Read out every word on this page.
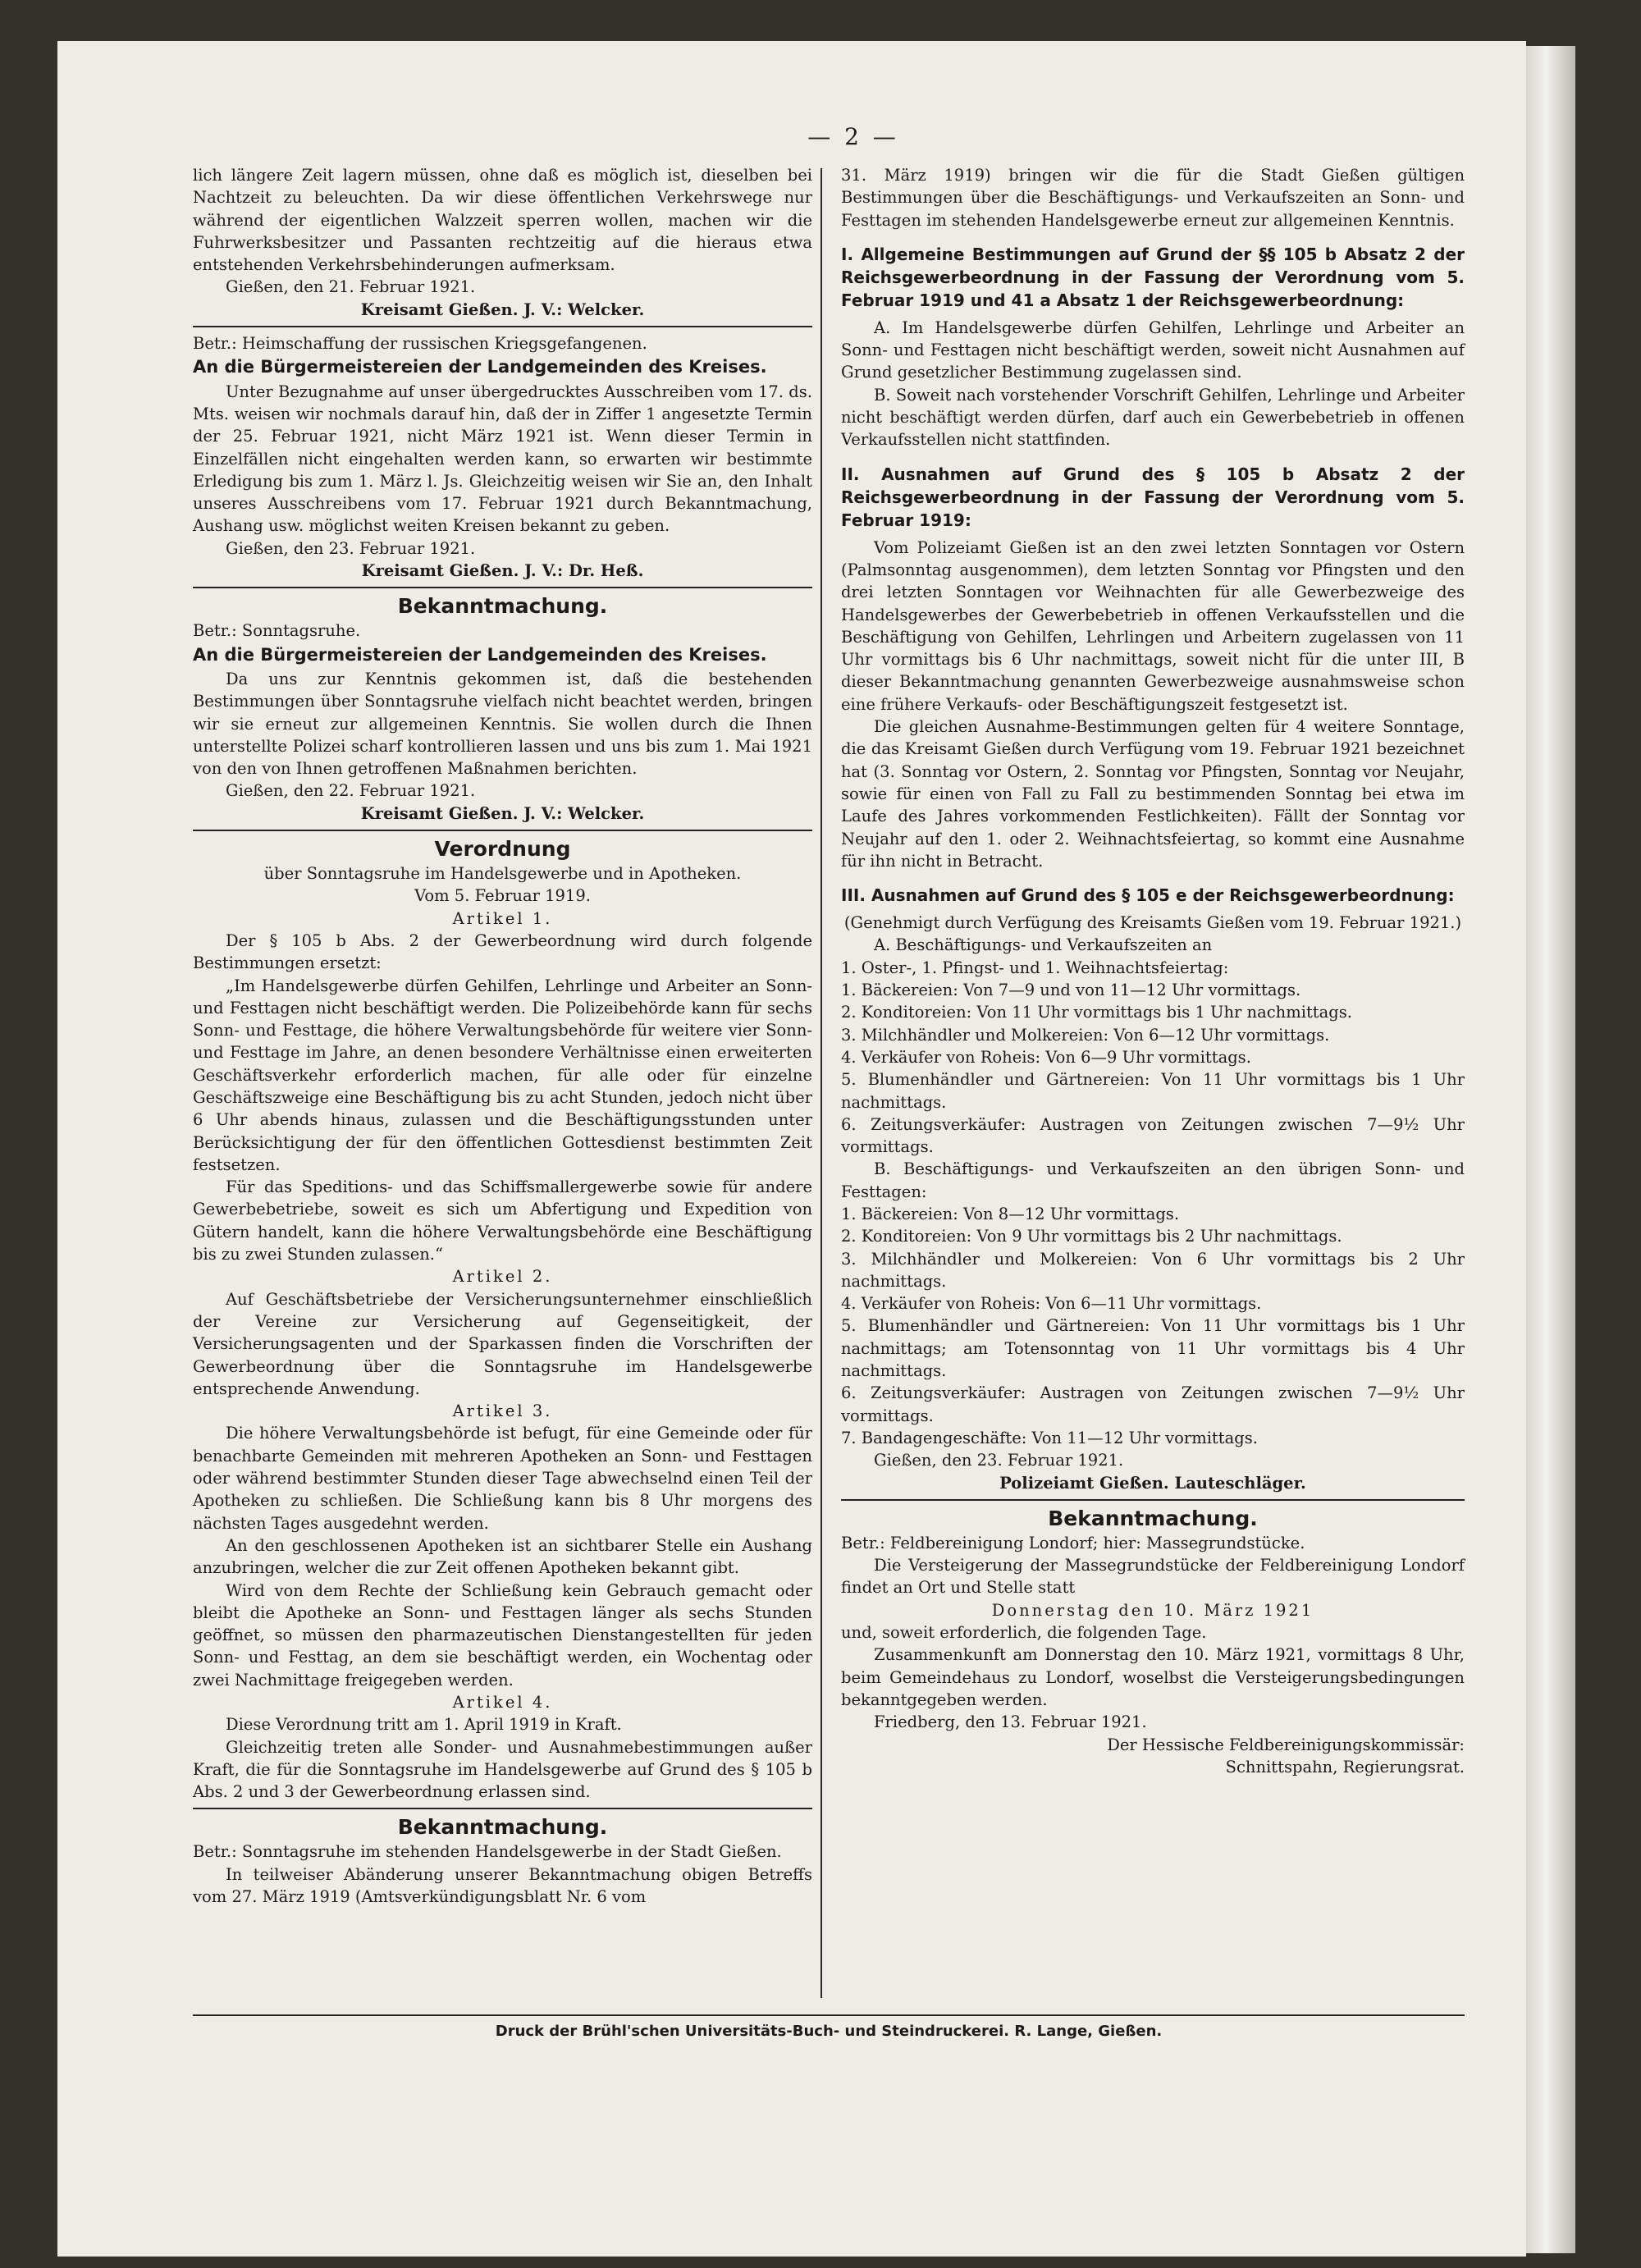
— 2 —

lich längere Zeit lagern müssen, ohne daß es möglich ist, dieselben bei Nachtzeit zu beleuchten. Da wir diese öffentlichen Verkehrswege nur während der eigentlichen Walzzeit sperren wollen, machen wir die Fuhrwerksbesitzer und Passanten rechtzeitig auf die hieraus etwa entstehenden Verkehrsbehinderungen aufmerksam.

Gießen, den 21. Februar 1921.

Kreisamt Gießen. J. V.: Welcker.

Betr.: Heimschaffung der russischen Kriegsgefangenen.

An die Bürgermeistereien der Landgemeinden des Kreises.

Unter Bezugnahme auf unser übergedrucktes Ausschreiben vom 17. ds. Mts. weisen wir nochmals darauf hin, daß der in Ziffer 1 angesetzte Termin der 25. Februar 1921, nicht März 1921 ist. Wenn dieser Termin in Einzelfällen nicht eingehalten werden kann, so erwarten wir bestimmte Erledigung bis zum 1. März l. Js. Gleichzeitig weisen wir Sie an, den Inhalt unseres Ausschreibens vom 17. Februar 1921 durch Bekanntmachung, Aushang usw. möglichst weiten Kreisen bekannt zu geben.

Gießen, den 23. Februar 1921.

Kreisamt Gießen. J. V.: Dr. Heß.

Bekanntmachung.

Betr.: Sonntagsruhe.

An die Bürgermeistereien der Landgemeinden des Kreises.

Da uns zur Kenntnis gekommen ist, daß die bestehenden Bestimmungen über Sonntagsruhe vielfach nicht beachtet werden, bringen wir sie erneut zur allgemeinen Kenntnis. Sie wollen durch die Ihnen unterstellte Polizei scharf kontrollieren lassen und uns bis zum 1. Mai 1921 von den von Ihnen getroffenen Maßnahmen berichten.

Gießen, den 22. Februar 1921.

Kreisamt Gießen. J. V.: Welcker.

Verordnung

über Sonntagsruhe im Handelsgewerbe und in Apotheken.

Vom 5. Februar 1919.

Artikel 1.

Der § 105 b Abs. 2 der Gewerbeordnung wird durch folgende Bestimmungen ersetzt:

„Im Handelsgewerbe dürfen Gehilfen, Lehrlinge und Arbeiter an Sonn- und Festtagen nicht beschäftigt werden. Die Polizeibehörde kann für sechs Sonn- und Festtage, die höhere Verwaltungsbehörde für weitere vier Sonn- und Festtage im Jahre, an denen besondere Verhältnisse einen erweiterten Geschäftsverkehr erforderlich machen, für alle oder für einzelne Geschäftszweige eine Beschäftigung bis zu acht Stunden, jedoch nicht über 6 Uhr abends hinaus, zulassen und die Beschäftigungsstunden unter Berücksichtigung der für den öffentlichen Gottesdienst bestimmten Zeit festsetzen.

Für das Speditions- und das Schiffsmallergewerbe sowie für andere Gewerbebetriebe, soweit es sich um Abfertigung und Expedition von Gütern handelt, kann die höhere Verwaltungsbehörde eine Beschäftigung bis zu zwei Stunden zulassen.“

Artikel 2.

Auf Geschäftsbetriebe der Versicherungsunternehmer einschließlich der Vereine zur Versicherung auf Gegenseitigkeit, der Versicherungsagenten und der Sparkassen finden die Vorschriften der Gewerbeordnung über die Sonntagsruhe im Handelsgewerbe entsprechende Anwendung.

Artikel 3.

Die höhere Verwaltungsbehörde ist befugt, für eine Gemeinde oder für benachbarte Gemeinden mit mehreren Apotheken an Sonn- und Festtagen oder während bestimmter Stunden dieser Tage abwechselnd einen Teil der Apotheken zu schließen. Die Schließung kann bis 8 Uhr morgens des nächsten Tages ausgedehnt werden.

An den geschlossenen Apotheken ist an sichtbarer Stelle ein Aushang anzubringen, welcher die zur Zeit offenen Apotheken bekannt gibt.

Wird von dem Rechte der Schließung kein Gebrauch gemacht oder bleibt die Apotheke an Sonn- und Festtagen länger als sechs Stunden geöffnet, so müssen den pharmazeutischen Dienstangestellten für jeden Sonn- und Festtag, an dem sie beschäftigt werden, ein Wochentag oder zwei Nachmittage freigegeben werden.

Artikel 4.

Diese Verordnung tritt am 1. April 1919 in Kraft.

Gleichzeitig treten alle Sonder- und Ausnahmebestimmungen außer Kraft, die für die Sonntagsruhe im Handelsgewerbe auf Grund des § 105 b Abs. 2 und 3 der Gewerbeordnung erlassen sind.

Bekanntmachung.

Betr.: Sonntagsruhe im stehenden Handelsgewerbe in der Stadt Gießen.

In teilweiser Abänderung unserer Bekanntmachung obigen Betreffs vom 27. März 1919 (Amtsverkündigungsblatt Nr. 6 vom

31. März 1919) bringen wir die für die Stadt Gießen gültigen Bestimmungen über die Beschäftigungs- und Verkaufszeiten an Sonn- und Festtagen im stehenden Handelsgewerbe erneut zur allgemeinen Kenntnis.

I. Allgemeine Bestimmungen auf Grund der §§ 105 b Absatz 2 der Reichsgewerbeordnung in der Fassung der Verordnung vom 5. Februar 1919 und 41 a Absatz 1 der Reichsgewerbeordnung:

A. Im Handelsgewerbe dürfen Gehilfen, Lehrlinge und Arbeiter an Sonn- und Festtagen nicht beschäftigt werden, soweit nicht Ausnahmen auf Grund gesetzlicher Bestimmung zugelassen sind.

B. Soweit nach vorstehender Vorschrift Gehilfen, Lehrlinge und Arbeiter nicht beschäftigt werden dürfen, darf auch ein Gewerbebetrieb in offenen Verkaufsstellen nicht stattfinden.

II. Ausnahmen auf Grund des § 105 b Absatz 2 der Reichsgewerbeordnung in der Fassung der Verordnung vom 5. Februar 1919:

Vom Polizeiamt Gießen ist an den zwei letzten Sonntagen vor Ostern (Palmsonntag ausgenommen), dem letzten Sonntag vor Pfingsten und den drei letzten Sonntagen vor Weihnachten für alle Gewerbezweige des Handelsgewerbes der Gewerbebetrieb in offenen Verkaufsstellen und die Beschäftigung von Gehilfen, Lehrlingen und Arbeitern zugelassen von 11 Uhr vormittags bis 6 Uhr nachmittags, soweit nicht für die unter III, B dieser Bekanntmachung genannten Gewerbezweige ausnahmsweise schon eine frühere Verkaufs- oder Beschäftigungszeit festgesetzt ist.

Die gleichen Ausnahme-Bestimmungen gelten für 4 weitere Sonntage, die das Kreisamt Gießen durch Verfügung vom 19. Februar 1921 bezeichnet hat (3. Sonntag vor Ostern, 2. Sonntag vor Pfingsten, Sonntag vor Neujahr, sowie für einen von Fall zu Fall zu bestimmenden Sonntag bei etwa im Laufe des Jahres vorkommenden Festlichkeiten). Fällt der Sonntag vor Neujahr auf den 1. oder 2. Weihnachtsfeiertag, so kommt eine Ausnahme für ihn nicht in Betracht.

III. Ausnahmen auf Grund des § 105 e der Reichsgewerbeordnung:

(Genehmigt durch Verfügung des Kreisamts Gießen vom 19. Februar 1921.)

A. Beschäftigungs- und Verkaufszeiten an

1. Oster-, 1. Pfingst- und 1. Weihnachtsfeiertag:

1. Bäckereien: Von 7—9 und von 11—12 Uhr vormittags.

2. Konditoreien: Von 11 Uhr vormittags bis 1 Uhr nachmittags.

3. Milchhändler und Molkereien: Von 6—12 Uhr vormittags.

4. Verkäufer von Roheis: Von 6—9 Uhr vormittags.

5. Blumenhändler und Gärtnereien: Von 11 Uhr vormittags bis 1 Uhr nachmittags.

6. Zeitungsverkäufer: Austragen von Zeitungen zwischen 7—9½ Uhr vormittags.

B. Beschäftigungs- und Verkaufszeiten an den übrigen Sonn- und Festtagen:

1. Bäckereien: Von 8—12 Uhr vormittags.

2. Konditoreien: Von 9 Uhr vormittags bis 2 Uhr nachmittags.

3. Milchhändler und Molkereien: Von 6 Uhr vormittags bis 2 Uhr nachmittags.

4. Verkäufer von Roheis: Von 6—11 Uhr vormittags.

5. Blumenhändler und Gärtnereien: Von 11 Uhr vormittags bis 1 Uhr nachmittags; am Totensonntag von 11 Uhr vormittags bis 4 Uhr nachmittags.

6. Zeitungsverkäufer: Austragen von Zeitungen zwischen 7—9½ Uhr vormittags.

7. Bandagengeschäfte: Von 11—12 Uhr vormittags.

Gießen, den 23. Februar 1921.

Polizeiamt Gießen. Lauteschläger.

Bekanntmachung.

Betr.: Feldbereinigung Londorf; hier: Massegrundstücke.

Die Versteigerung der Massegrundstücke der Feldbereinigung Londorf findet an Ort und Stelle statt

Donnerstag den 10. März 1921

und, soweit erforderlich, die folgenden Tage.

Zusammenkunft am Donnerstag den 10. März 1921, vormittags 8 Uhr, beim Gemeindehaus zu Londorf, woselbst die Versteigerungsbedingungen bekanntgegeben werden.

Friedberg, den 13. Februar 1921.

Der Hessische Feldbereinigungskommissär:

Schnittspahn, Regierungsrat.

Druck der Brühl'schen Universitäts-Buch- und Steindruckerei. R. Lange, Gießen.
